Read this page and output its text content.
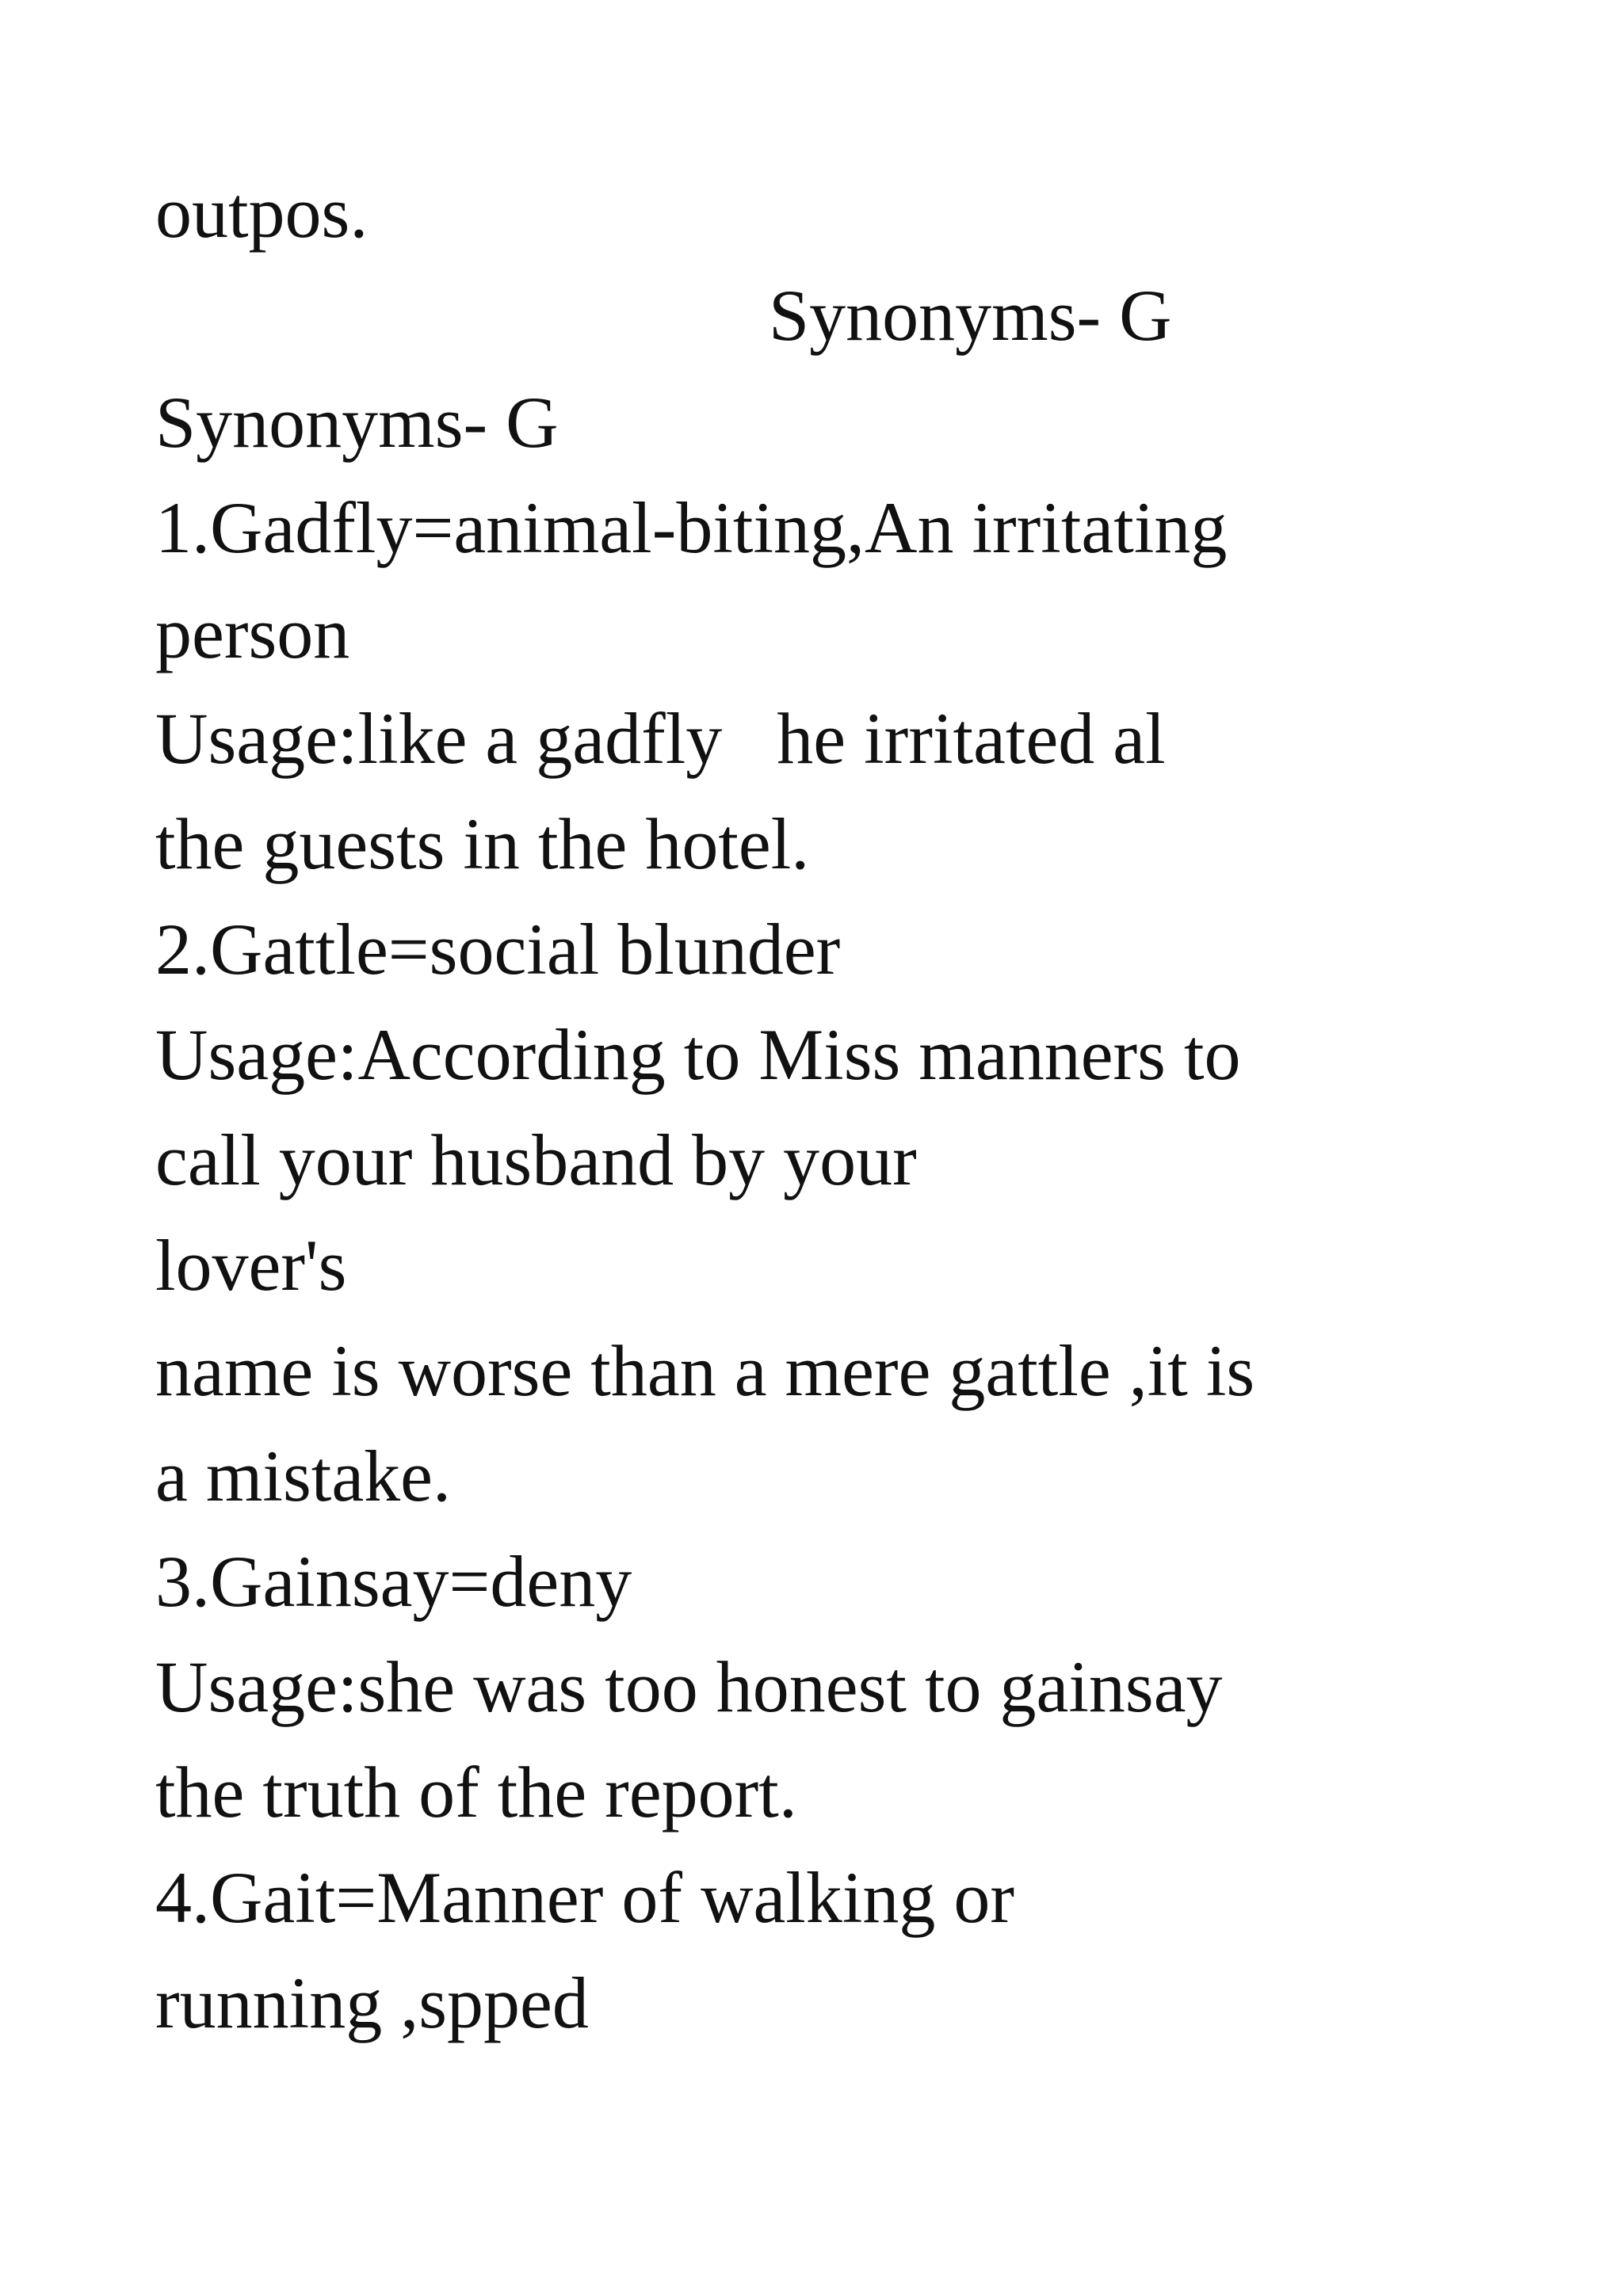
outpos.

Synonyms- G

Synonyms- G

1.Gadfly=animal-biting,An irritating

person

Usage:like a gadfly   he irritated al

the guests in the hotel.

2.Gattle=social blunder

Usage:According to Miss manners to

call your husband by your

lover's

name is worse than a mere gattle ,it is

a mistake.

3.Gainsay=deny

Usage:she was too honest to gainsay

the truth of the report.

4.Gait=Manner of walking or

running ,spped
